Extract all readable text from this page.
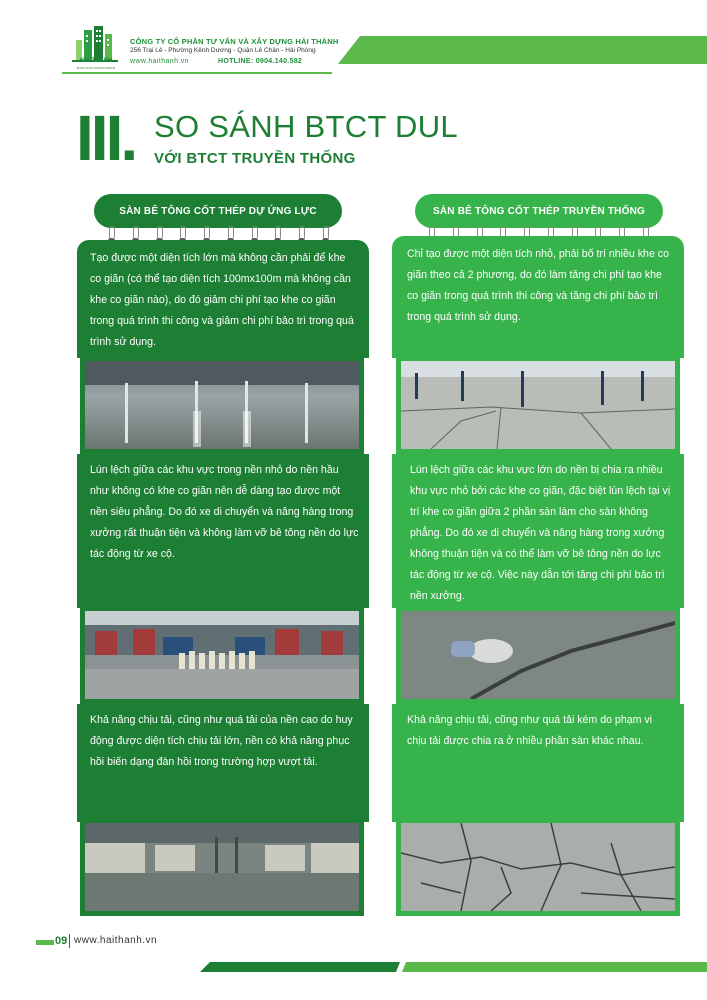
HAI THANH
BUILD SOLUTIONS GROUP
CÔNG TY CỔ PHẦN TƯ VẤN VÀ XÂY DỰNG HẢI THÀNH
256 Trại Lẻ - Phường Kênh Dương - Quận Lê Chân - Hải Phòng
www.haithanh.vn	HOTLINE: 0904.140.582
III. SO SÁNH BTCT DUL
VỚI BTCT TRUYỀN THỐNG
SÀN BÊ TÔNG CỐT THÉP DỰ ỨNG LỰC
Tạo được một diện tích lớn mà không cần phải để khe co giãn (có thể tạo diện tích 100mx100m mà không cần khe co giãn nào), do đó giảm chi phí tạo khe co giãn trong quá trình thi công và giảm chi phí bảo trì trong quá trình sử dụng.
Lún lệch giữa các khu vực trong nền nhỏ do nền hầu như không có khe co giãn nên dễ dàng tạo được một nền siêu phẳng. Do đó xe di chuyển và nâng hàng trong xưởng rất thuận tiện và không làm vỡ bê tông nền do lực tác động từ xe cộ.
Khả năng chịu tải, cũng như quá tải của nền cao do huy động được diện tích chịu tải lớn, nền có khả năng phục hồi biến dạng đàn hồi trong trường hợp vượt tải.
SÀN BÊ TÔNG CỐT THÉP TRUYỀN THỐNG
Chỉ tạo được một diện tích nhỏ, phải bố trí nhiều khe co giãn theo cả 2 phương, do đó làm tăng chi phí tạo khe co giãn trong quá trình thi công và tăng chi phí bảo trì trong quá trình sử dụng.
Lún lệch giữa các khu vực lớn do nền bị chia ra nhiều khu vực nhỏ bởi các khe co giãn, đặc biệt lún lệch tại vị trí khe co giãn giữa 2 phần sàn làm cho sàn không phẳng. Do đó xe di chuyển và nâng hàng trong xưởng không thuận tiện và có thể làm vỡ bê tông nền do lực tác động từ xe cộ. Việc này dẫn tới tăng chi phí bảo trì nền xưởng.
Khả năng chịu tải, cũng như quá tải kém do phạm vi chịu tải được chia ra ở nhiều phần sàn khác nhau.
09 www.haithanh.vn
